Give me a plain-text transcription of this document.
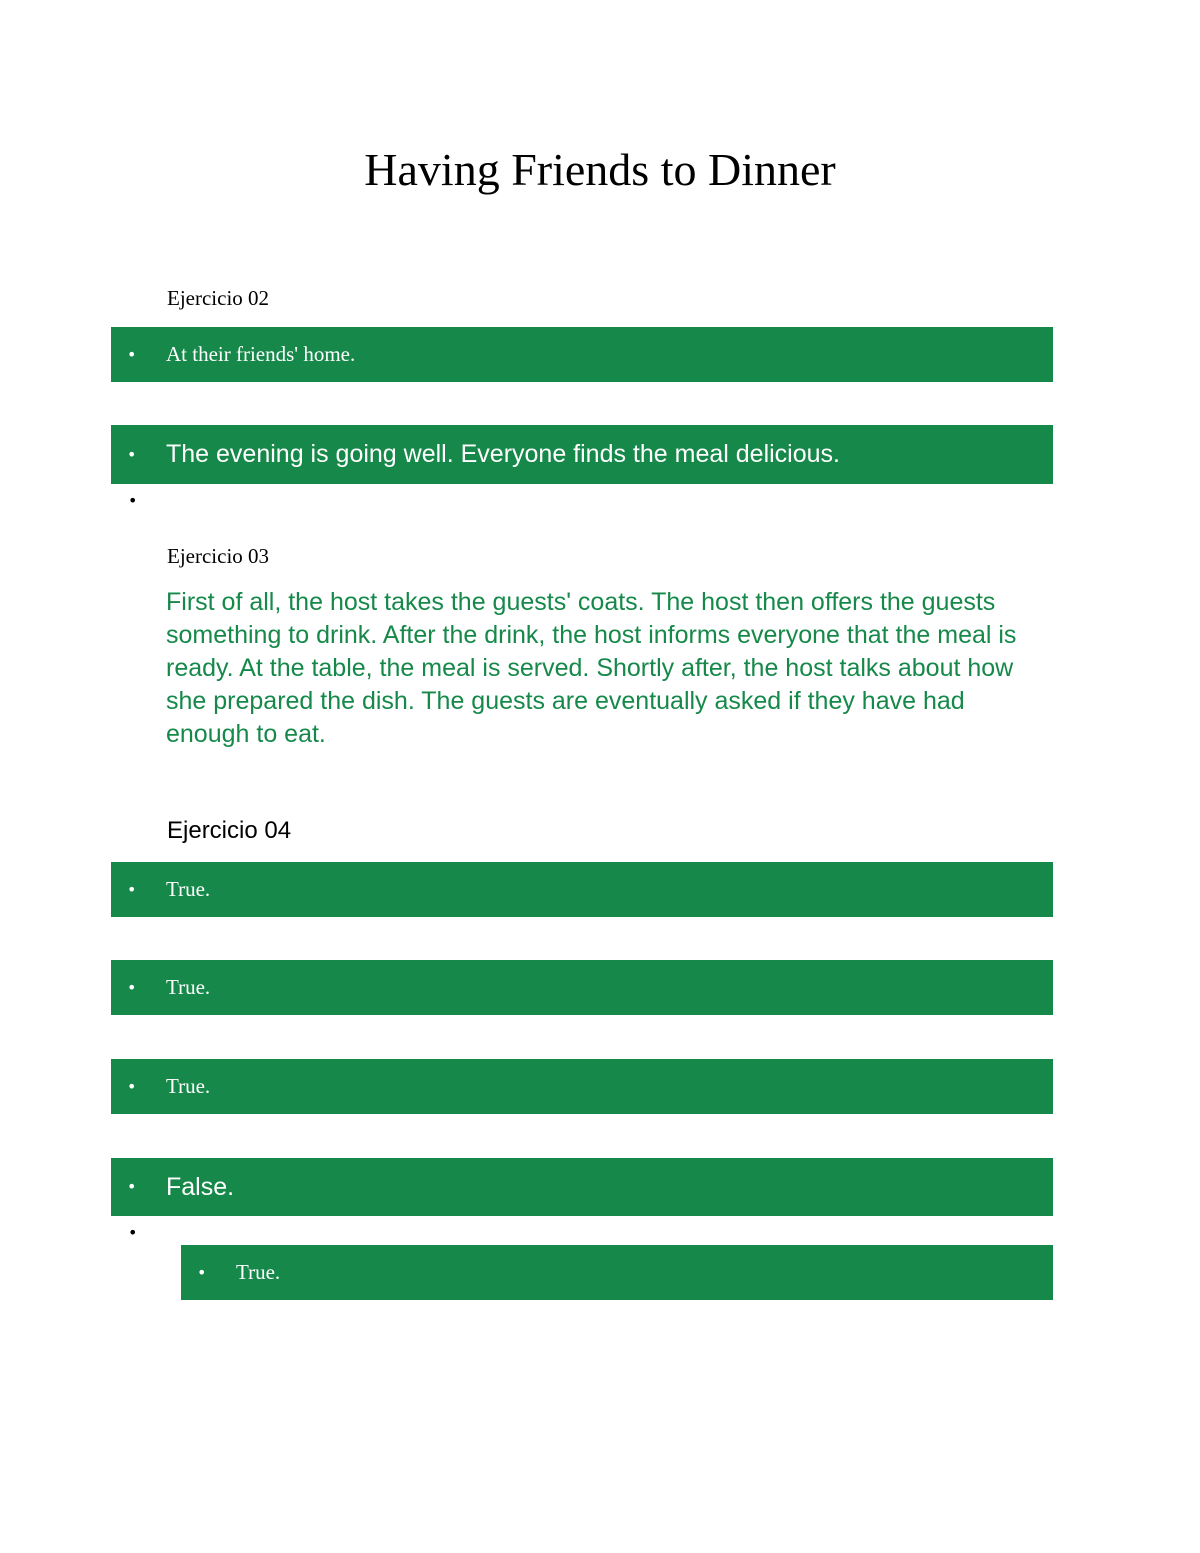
Having Friends to Dinner
Ejercicio 02
• At their friends' home.
• The evening is going well. Everyone finds the meal delicious.
•
Ejercicio 03
First of all, the host takes the guests' coats. The host then offers the guests something to drink. After the drink, the host informs everyone that the meal is ready. At the table, the meal is served. Shortly after, the host talks about how she prepared the dish. The guests are eventually asked if they have had enough to eat.
Ejercicio 04
• True.
• True.
• True.
• False.
•
• True.
